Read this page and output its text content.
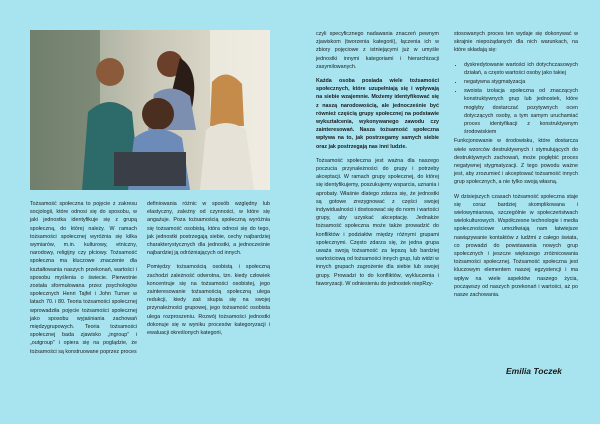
Tożsamość społeczna to pojęcie z zakresu socjologii, które odnosi się do sposobu, w jaki jednostka identyfikuje się z grupą społeczną, do której należy. W ramach tożsamości społecznej wyróżnia się kilka wymiarów, m.in. kulturowy, etniczny, narodowy, religijny czy płciowy. Tożsamość społeczna ma kluczowe znaczenie dla kształtowania naszych przekonań, wartości i sposobu myślenia o świecie. Pierwotnie została sformułowana przez psychologów społecznych Henri Tajfel i John Turner w latach 70. i 80. Teoria tożsamości społecznej wprowadziła pojęcie tożsamości społecznej jako sposobu wyjaśniania zachowań międzygrupowych. Teoria tożsamości społecznej bada zjawisko „ingroup” i „outgroup” i opiera się na poglądzie, że tożsamości są konstruowane poprzez proces

definiowania różnic w sposób względny lub elastyczny, zależny od czynności, w które się angażuje. Poza tożsamością społeczną wyróżnia się tożsamość osobistą, która odnosi się do tego, jak jednostki postrzegają siebie, cechy najbardziej charakterystycznych dla jednostki, a jednocześnie najbardziej ją odróżniających od innych.

Pomiędzy tożsamością osobistą i społeczną zachodzi zależność odwrotna, tzn. kiedy człowiek koncentruje się na tożsamości osobistej, jego zainteresowanie tożsamością społeczną ulega redukcji, kiedy zaś skupia się na swojej przynależności grupowej, jego tożsamość osobista ulega rozproszeniu. Rozwój tożsamości jednostki dokonuje się w wyniku procesów kategoryzacji i ewaluacji określonych kategorii,

czyli specyficznego nadawania znaczeń pewnym zjawiskom (tworzenia kategorii), łączenia ich w zbiory pojęciowe z istniejącymi już w umyśle jednostki innymi kategoriami i hierarchizacji zasymilowanych.

Każda osoba posiada wiele tożsamości społecznych, które uzupełniają się i wpływają na siebie wzajemnie. Możemy identyfikować się z naszą narodowością, ale jednocześnie być również częścią grupy społecznej na podstawie wykształcenia, wykonywanego zawodu czy zainteresowań. Nasza tożsamość społeczna wpływa na to, jak postrzegamy samych siebie oraz jak postrzegają nas inni ludzie.

Tożsamość społeczna jest ważna dla naszego poczucia przynależności do grupy i potrzeby akceptacji. W ramach grupy społecznej, do której się identyfikujemy, poszukujemy wsparcia, uznania i aprobaty. Właśnie dlatego zdarza się, że jednostki są gotowe zrezygnować z części swojej indywidualności i dostosować się do norm i wartości grupy, aby uzyskać akceptację. Jednakże tożsamość społeczna może także prowadzić do konfliktów i podziałów między różnymi grupami społecznymi. Często zdarza się, że jedna grupa uważa swoją tożsamość za lepszą lub bardziej wartościową od tożsamości innych grup, lub widzi w innych grupach zagrożenie dla siebie lub swojej grupy. Prowadzi to do konfliktów, wykluczenia i faworyzacji. W odniesieniu do jednostek niepRzy-

stosowanych proces ten wydaje się dokonywać w skrajnie niepożądanych dla nich warunkach, na które składają się:

• dyskredytowanie wartości ich dotychczasowych działań, a często wartości osoby jako takiej
• negatywna stygmatyzacja
• swoista izolacja społeczna od znaczących konstruktywnych grup lub jednostek, które mogłyby dostarczać pozytywnych ocen dotyczących osoby, a tym samym uruchamiać proces identyfikacji z konstruktywnym środowiskiem

Funkcjonowanie w środowisku, które dostarcza wiele wzorców destruktywnych i stymulujących do destruktywnych zachowań, może pogłębić proces negatywnej stygmatyzacji. Z tego powodu ważne jest, aby zrozumieć i akceptować tożsamość innych grup społecznych, a nie tylko swoją własną.

W dzisiejszych czasach tożsamość społeczna staje się coraz bardziej skomplikowana i wielowymiarowa, szczególnie w społeczeństwach wielokulturowych. Współczesne technologie i media społecznościowe umożliwiają nam łatwiejsze nawiązywanie kontaktów z ludźmi z całego świata, co prowadzi do powstawania nowych grup społecznych i jeszcze większego zróżnicowania tożsamości społecznej. Tożsamość społeczna jest kluczowym elementem naszej egzystencji i ma wpływ na wiele aspektów naszego życia, począwszy od naszych przekonań i wartości, aż po nasze zachowania.

Emilia Toczek
